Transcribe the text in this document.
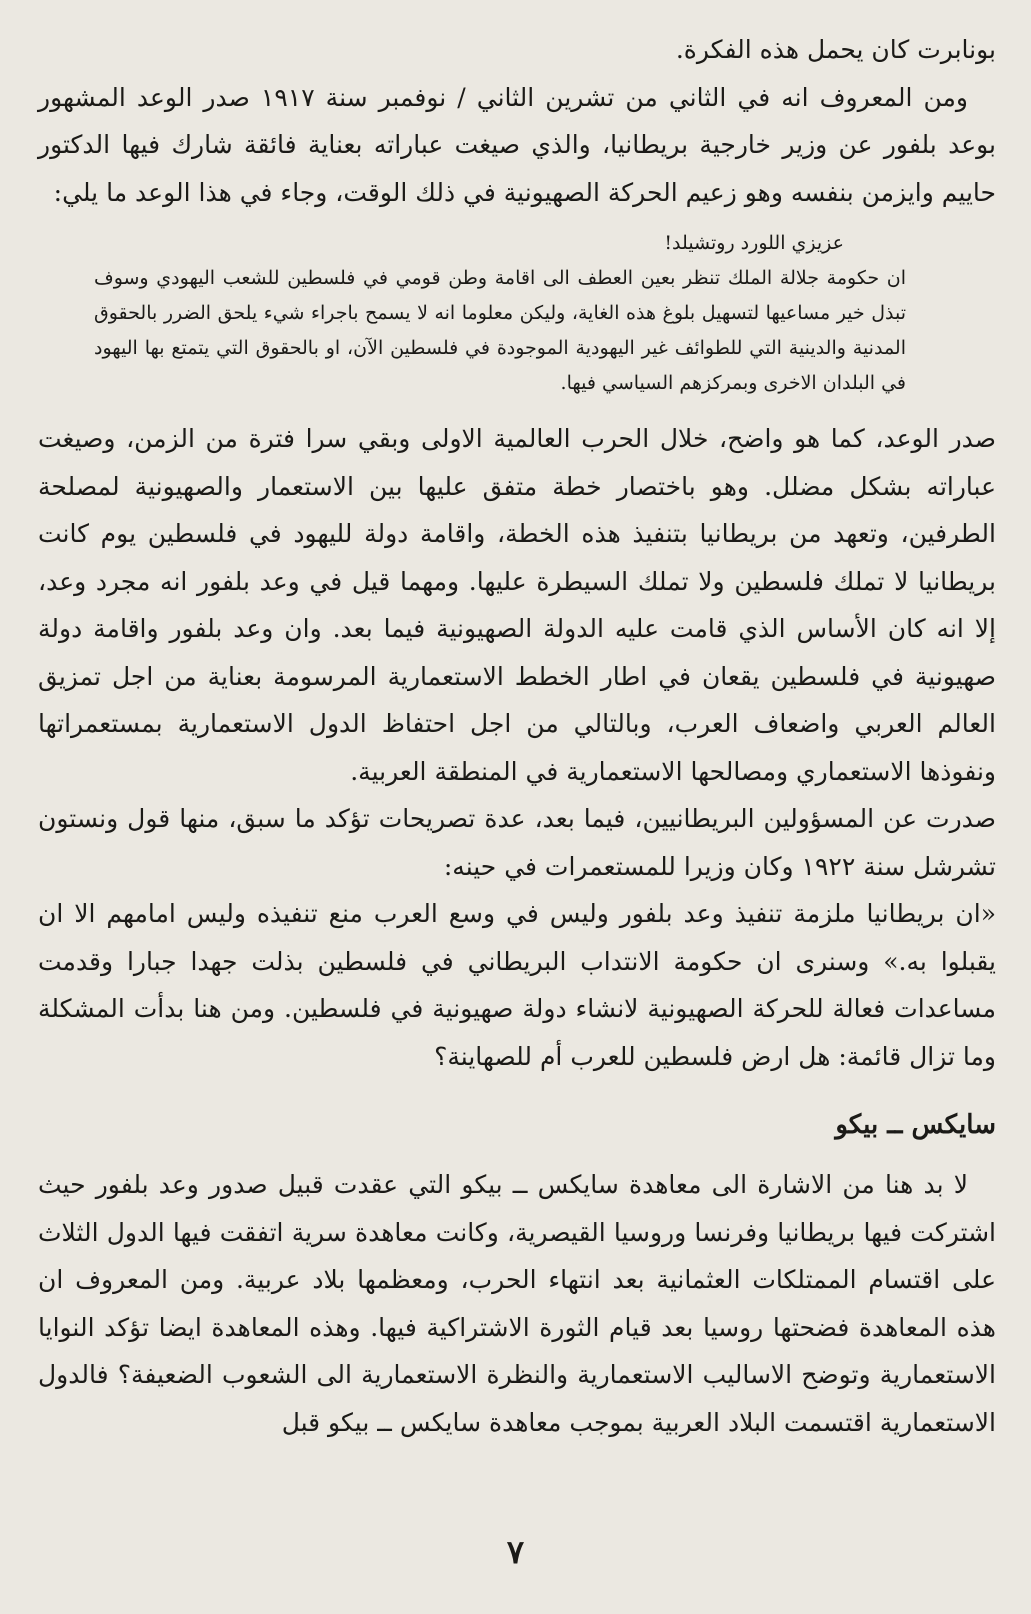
بونابرت كان يحمل هذه الفكرة.

ومن المعروف انه في الثاني من تشرين الثاني / نوفمبر سنة ١٩١٧ صدر الوعد المشهور بوعد بلفور عن وزير خارجية بريطانيا، والذي صيغت عباراته بعناية فائقة شارك فيها الدكتور حاييم وايزمن بنفسه وهو زعيم الحركة الصهيونية في ذلك الوقت، وجاء في هذا الوعد ما يلي:

عزيزي اللورد روتشيلد!

ان حكومة جلالة الملك تنظر بعين العطف الى اقامة وطن قومي في فلسطين للشعب اليهودي وسوف تبذل خير مساعيها لتسهيل بلوغ هذه الغاية، وليكن معلوما انه لا يسمح باجراء شيء يلحق الضرر بالحقوق المدنية والدينية التي للطوائف غير اليهودية الموجودة في فلسطين الآن، او بالحقوق التي يتمتع بها اليهود في البلدان الاخرى وبمركزهم السياسي فيها.

صدر الوعد، كما هو واضح، خلال الحرب العالمية الاولى وبقي سرا فترة من الزمن، وصيغت عباراته بشكل مضلل. وهو باختصار خطة متفق عليها بين الاستعمار والصهيونية لمصلحة الطرفين، وتعهد من بريطانيا بتنفيذ هذه الخطة، واقامة دولة لليهود في فلسطين يوم كانت بريطانيا لا تملك فلسطين ولا تملك السيطرة عليها. ومهما قيل في وعد بلفور انه مجرد وعد، إلا انه كان الأساس الذي قامت عليه الدولة الصهيونية فيما بعد. وان وعد بلفور واقامة دولة صهيونية في فلسطين يقعان في اطار الخطط الاستعمارية المرسومة بعناية من اجل تمزيق العالم العربي واضعاف العرب، وبالتالي من اجل احتفاظ الدول الاستعمارية بمستعمراتها ونفوذها الاستعماري ومصالحها الاستعمارية في المنطقة العربية.

صدرت عن المسؤولين البريطانيين، فيما بعد، عدة تصريحات تؤكد ما سبق، منها قول ونستون تشرشل سنة ١٩٢٢ وكان وزيرا للمستعمرات في حينه:

«ان بريطانيا ملزمة تنفيذ وعد بلفور وليس في وسع العرب منع تنفيذه وليس امامهم الا ان يقبلوا به.» وسنرى ان حكومة الانتداب البريطاني في فلسطين بذلت جهدا جبارا وقدمت مساعدات فعالة للحركة الصهيونية لانشاء دولة صهيونية في فلسطين. ومن هنا بدأت المشكلة وما تزال قائمة: هل ارض فلسطين للعرب أم للصهاينة؟

سايكس ــ بيكو

لا بد هنا من الاشارة الى معاهدة سايكس ــ بيكو التي عقدت قبيل صدور وعد بلفور حيث اشتركت فيها بريطانيا وفرنسا وروسيا القيصرية، وكانت معاهدة سرية اتفقت فيها الدول الثلاث على اقتسام الممتلكات العثمانية بعد انتهاء الحرب، ومعظمها بلاد عربية. ومن المعروف ان هذه المعاهدة فضحتها روسيا بعد قيام الثورة الاشتراكية فيها. وهذه المعاهدة ايضا تؤكد النوايا الاستعمارية وتوضح الاساليب الاستعمارية والنظرة الاستعمارية الى الشعوب الضعيفة؟ فالدول الاستعمارية اقتسمت البلاد العربية بموجب معاهدة سايكس ــ بيكو قبل

٧
